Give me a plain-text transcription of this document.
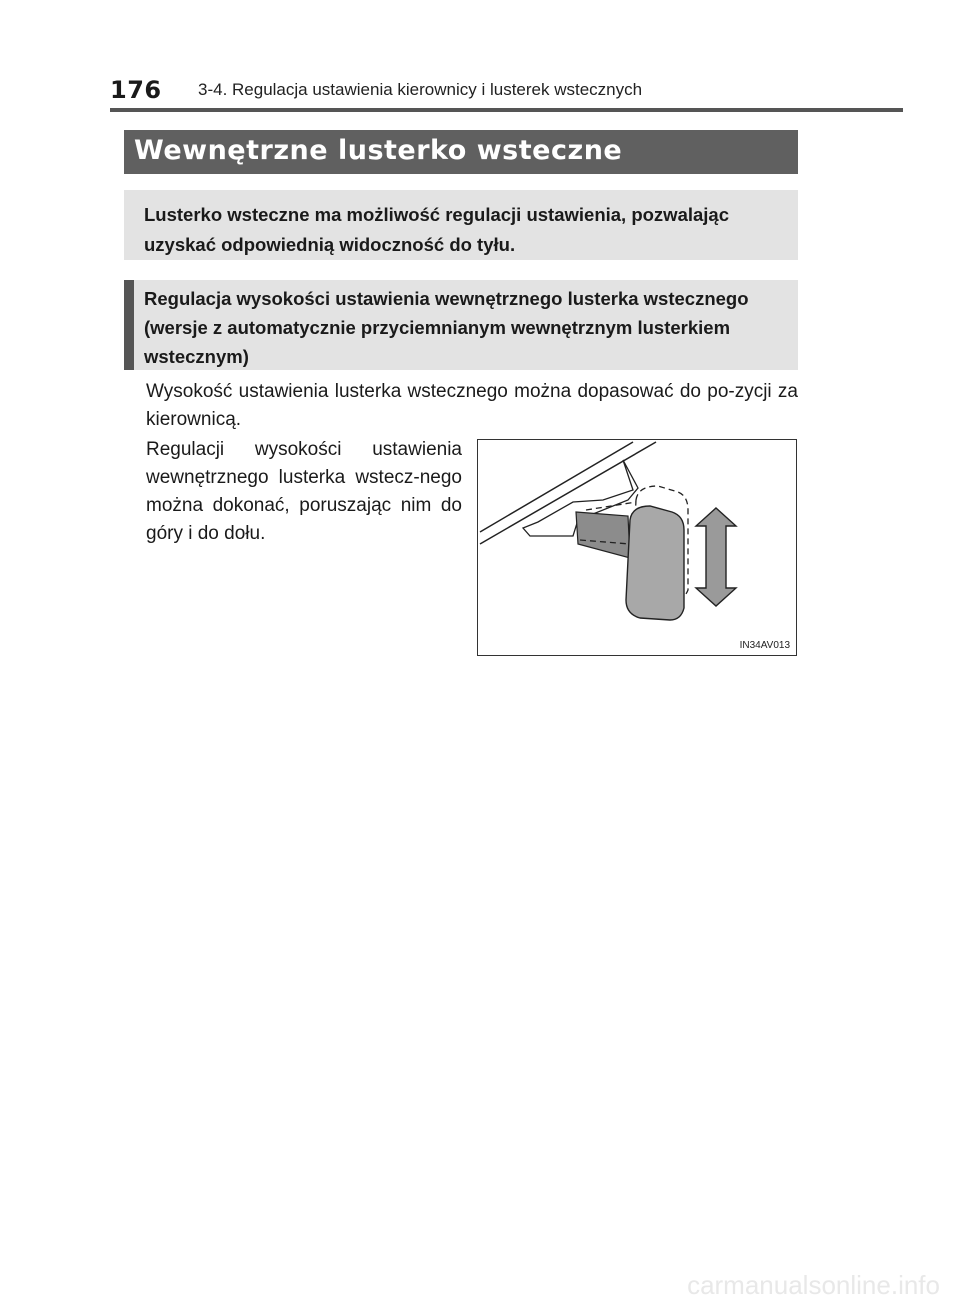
176 3-4. Regulacja ustawienia kierownicy i lusterek wstecznych
Wewnętrzne lusterko wsteczne
Lusterko wsteczne ma możliwość regulacji ustawienia, pozwalając uzyskać odpowiednią widoczność do tyłu.
Regulacja wysokości ustawienia wewnętrznego lusterka wstecznego (wersje z automatycznie przyciemnianym wewnętrznym lusterkiem wstecznym)
Wysokość ustawienia lusterka wstecznego można dopasować do po-zycji za kierownicą.
Regulacji wysokości ustawienia wewnętrznego lusterka wstecz-nego można dokonać, poruszając nim do góry i do dołu.
IN34AV013
carmanualsonline.info
